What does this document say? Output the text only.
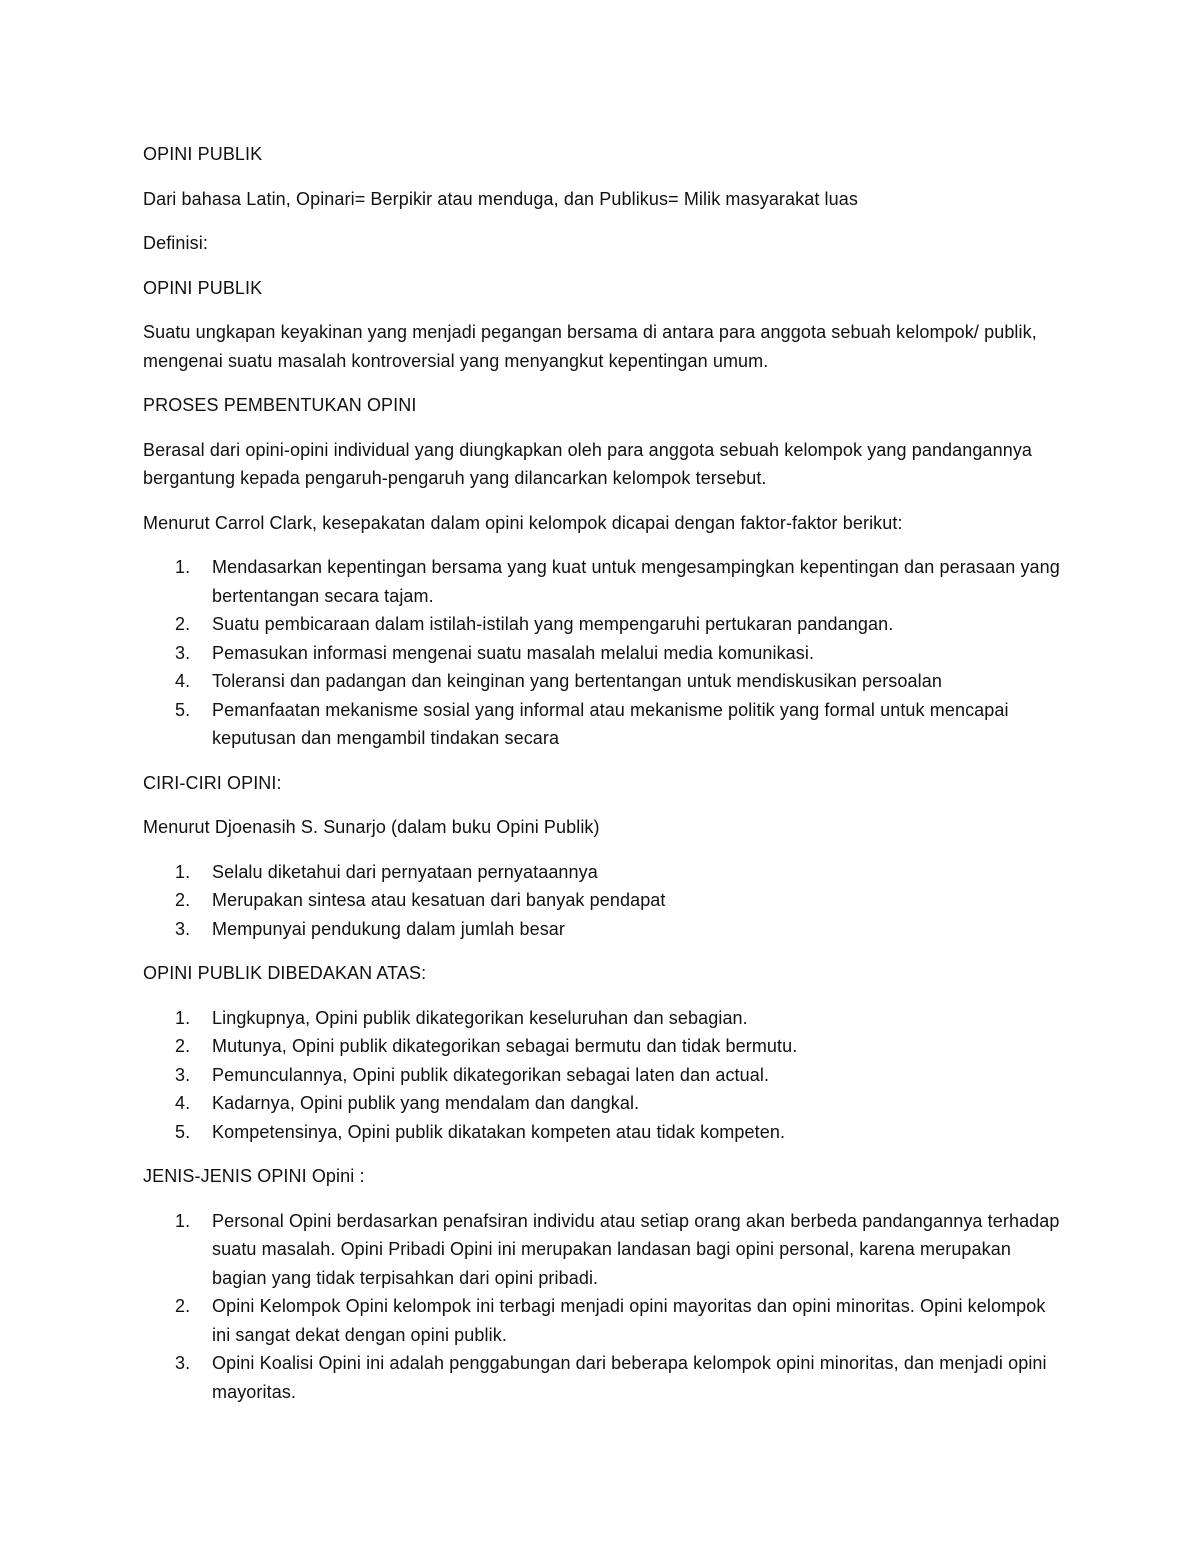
OPINI PUBLIK

Dari bahasa Latin, Opinari= Berpikir atau menduga, dan Publikus= Milik masyarakat luas

Definisi:

OPINI PUBLIK

Suatu ungkapan keyakinan yang menjadi pegangan bersama di antara para anggota sebuah kelompok/ publik, mengenai suatu masalah kontroversial yang menyangkut kepentingan umum.

PROSES PEMBENTUKAN OPINI

Berasal dari opini-opini individual yang diungkapkan oleh para anggota sebuah kelompok yang pandangannya bergantung kepada pengaruh-pengaruh yang dilancarkan kelompok tersebut.

Menurut Carrol Clark, kesepakatan dalam opini kelompok dicapai dengan faktor-faktor berikut:

1. Mendasarkan kepentingan bersama yang kuat untuk mengesampingkan kepentingan dan perasaan yang bertentangan secara tajam.
2. Suatu pembicaraan dalam istilah-istilah yang mempengaruhi pertukaran pandangan.
3. Pemasukan informasi mengenai suatu masalah melalui media komunikasi.
4. Toleransi dan padangan dan keinginan yang bertentangan untuk mendiskusikan persoalan
5. Pemanfaatan mekanisme sosial yang informal atau mekanisme politik yang formal untuk mencapai keputusan dan mengambil tindakan secara

CIRI-CIRI OPINI:

Menurut Djoenasih S. Sunarjo (dalam buku Opini Publik)

1. Selalu diketahui dari pernyataan pernyataannya
2. Merupakan sintesa atau kesatuan dari banyak pendapat
3. Mempunyai pendukung dalam jumlah besar

OPINI PUBLIK DIBEDAKAN ATAS:

1. Lingkupnya, Opini publik dikategorikan keseluruhan dan sebagian.
2. Mutunya, Opini publik dikategorikan sebagai bermutu dan tidak bermutu.
3. Pemunculannya, Opini publik dikategorikan sebagai laten dan actual.
4. Kadarnya, Opini publik yang mendalam dan dangkal.
5. Kompetensinya, Opini publik dikatakan kompeten atau tidak kompeten.

JENIS-JENIS OPINI Opini :

1. Personal Opini berdasarkan penafsiran individu atau setiap orang akan berbeda pandangannya terhadap suatu masalah. Opini Pribadi Opini ini merupakan landasan bagi opini personal, karena merupakan bagian yang tidak terpisahkan dari opini pribadi.
2. Opini Kelompok Opini kelompok ini terbagi menjadi opini mayoritas dan opini minoritas. Opini kelompok ini sangat dekat dengan opini publik.
3. Opini Koalisi Opini ini adalah penggabungan dari beberapa kelompok opini minoritas, dan menjadi opini mayoritas.
